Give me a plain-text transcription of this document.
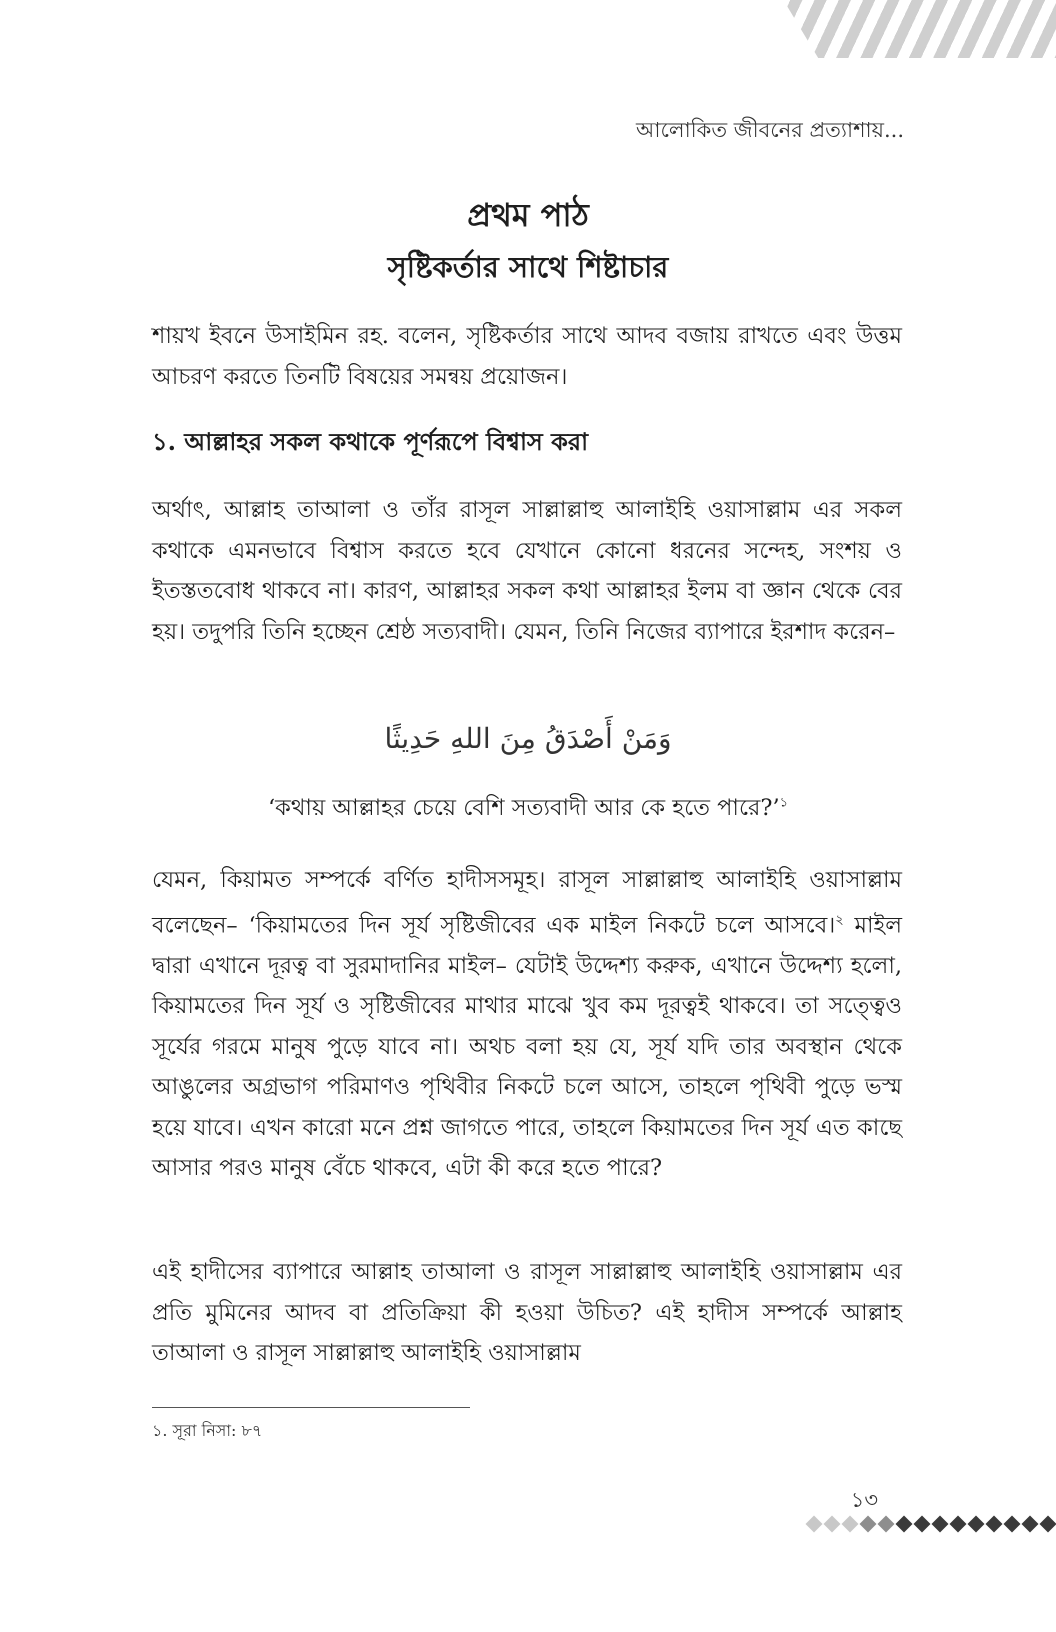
আলোকিত জীবনের প্রত্যাশায়...
প্রথম পাঠ
সৃষ্টিকর্তার সাথে শিষ্টাচার
শায়খ ইবনে উসাইমিন রহ. বলেন, সৃষ্টিকর্তার সাথে আদব বজায় রাখতে এবং উত্তম আচরণ করতে তিনটি বিষয়ের সমন্বয় প্রয়োজন।
১. আল্লাহর সকল কথাকে পূর্ণরূপে বিশ্বাস করা
অর্থাৎ, আল্লাহ তাআলা ও তাঁর রাসূল সাল্লাল্লাহু আলাইহি ওয়াসাল্লাম এর সকল কথাকে এমনভাবে বিশ্বাস করতে হবে যেখানে কোনো ধরনের সন্দেহ, সংশয় ও ইতস্ততবোধ থাকবে না। কারণ, আল্লাহর সকল কথা আল্লাহর ইলম বা জ্ঞান থেকে বের হয়। তদুপরি তিনি হচ্ছেন শ্রেষ্ঠ সত্যবাদী। যেমন, তিনি নিজের ব্যাপারে ইরশাদ করেন–
وَمَنْ أَصْدَقُ مِنَ اللهِ حَدِيثًا
‘কথায় আল্লাহর চেয়ে বেশি সত্যবাদী আর কে হতে পারে?’$^১$
যেমন, কিয়ামত সম্পর্কে বর্ণিত হাদীসসমূহ। রাসূল সাল্লাল্লাহু আলাইহি ওয়াসাল্লাম বলেছেন– ‘কিয়ামতের দিন সূর্য সৃষ্টিজীবের এক মাইল নিকটে চলে আসবে।$^২$ মাইল দ্বারা এখানে দূরত্ব বা সুরমাদানির মাইল– যেটাই উদ্দেশ্য করুক, এখানে উদ্দেশ্য হলো, কিয়ামতের দিন সূর্য ও সৃষ্টিজীবের মাথার মাঝে খুব কম দূরত্বই থাকবে। তা সত্ত্বেও সূর্যের গরমে মানুষ পুড়ে যাবে না। অথচ বলা হয় যে, সূর্য যদি তার অবস্থান থেকে আঙুলের অগ্রভাগ পরিমাণও পৃথিবীর নিকটে চলে আসে, তাহলে পৃথিবী পুড়ে ভস্ম হয়ে যাবে। এখন কারো মনে প্রশ্ন জাগতে পারে, তাহলে কিয়ামতের দিন সূর্য এত কাছে আসার পরও মানুষ বেঁচে থাকবে, এটা কী করে হতে পারে?
এই হাদীসের ব্যাপারে আল্লাহ তাআলা ও রাসূল সাল্লাল্লাহু আলাইহি ওয়াসাল্লাম এর প্রতি মুমিনের আদব বা প্রতিক্রিয়া কী হওয়া উচিত? এই হাদীস সম্পর্কে আল্লাহ তাআলা ও রাসূল সাল্লাল্লাহু আলাইহি ওয়াসাল্লাম
১. সূরা নিসা: ৮৭
১৩
